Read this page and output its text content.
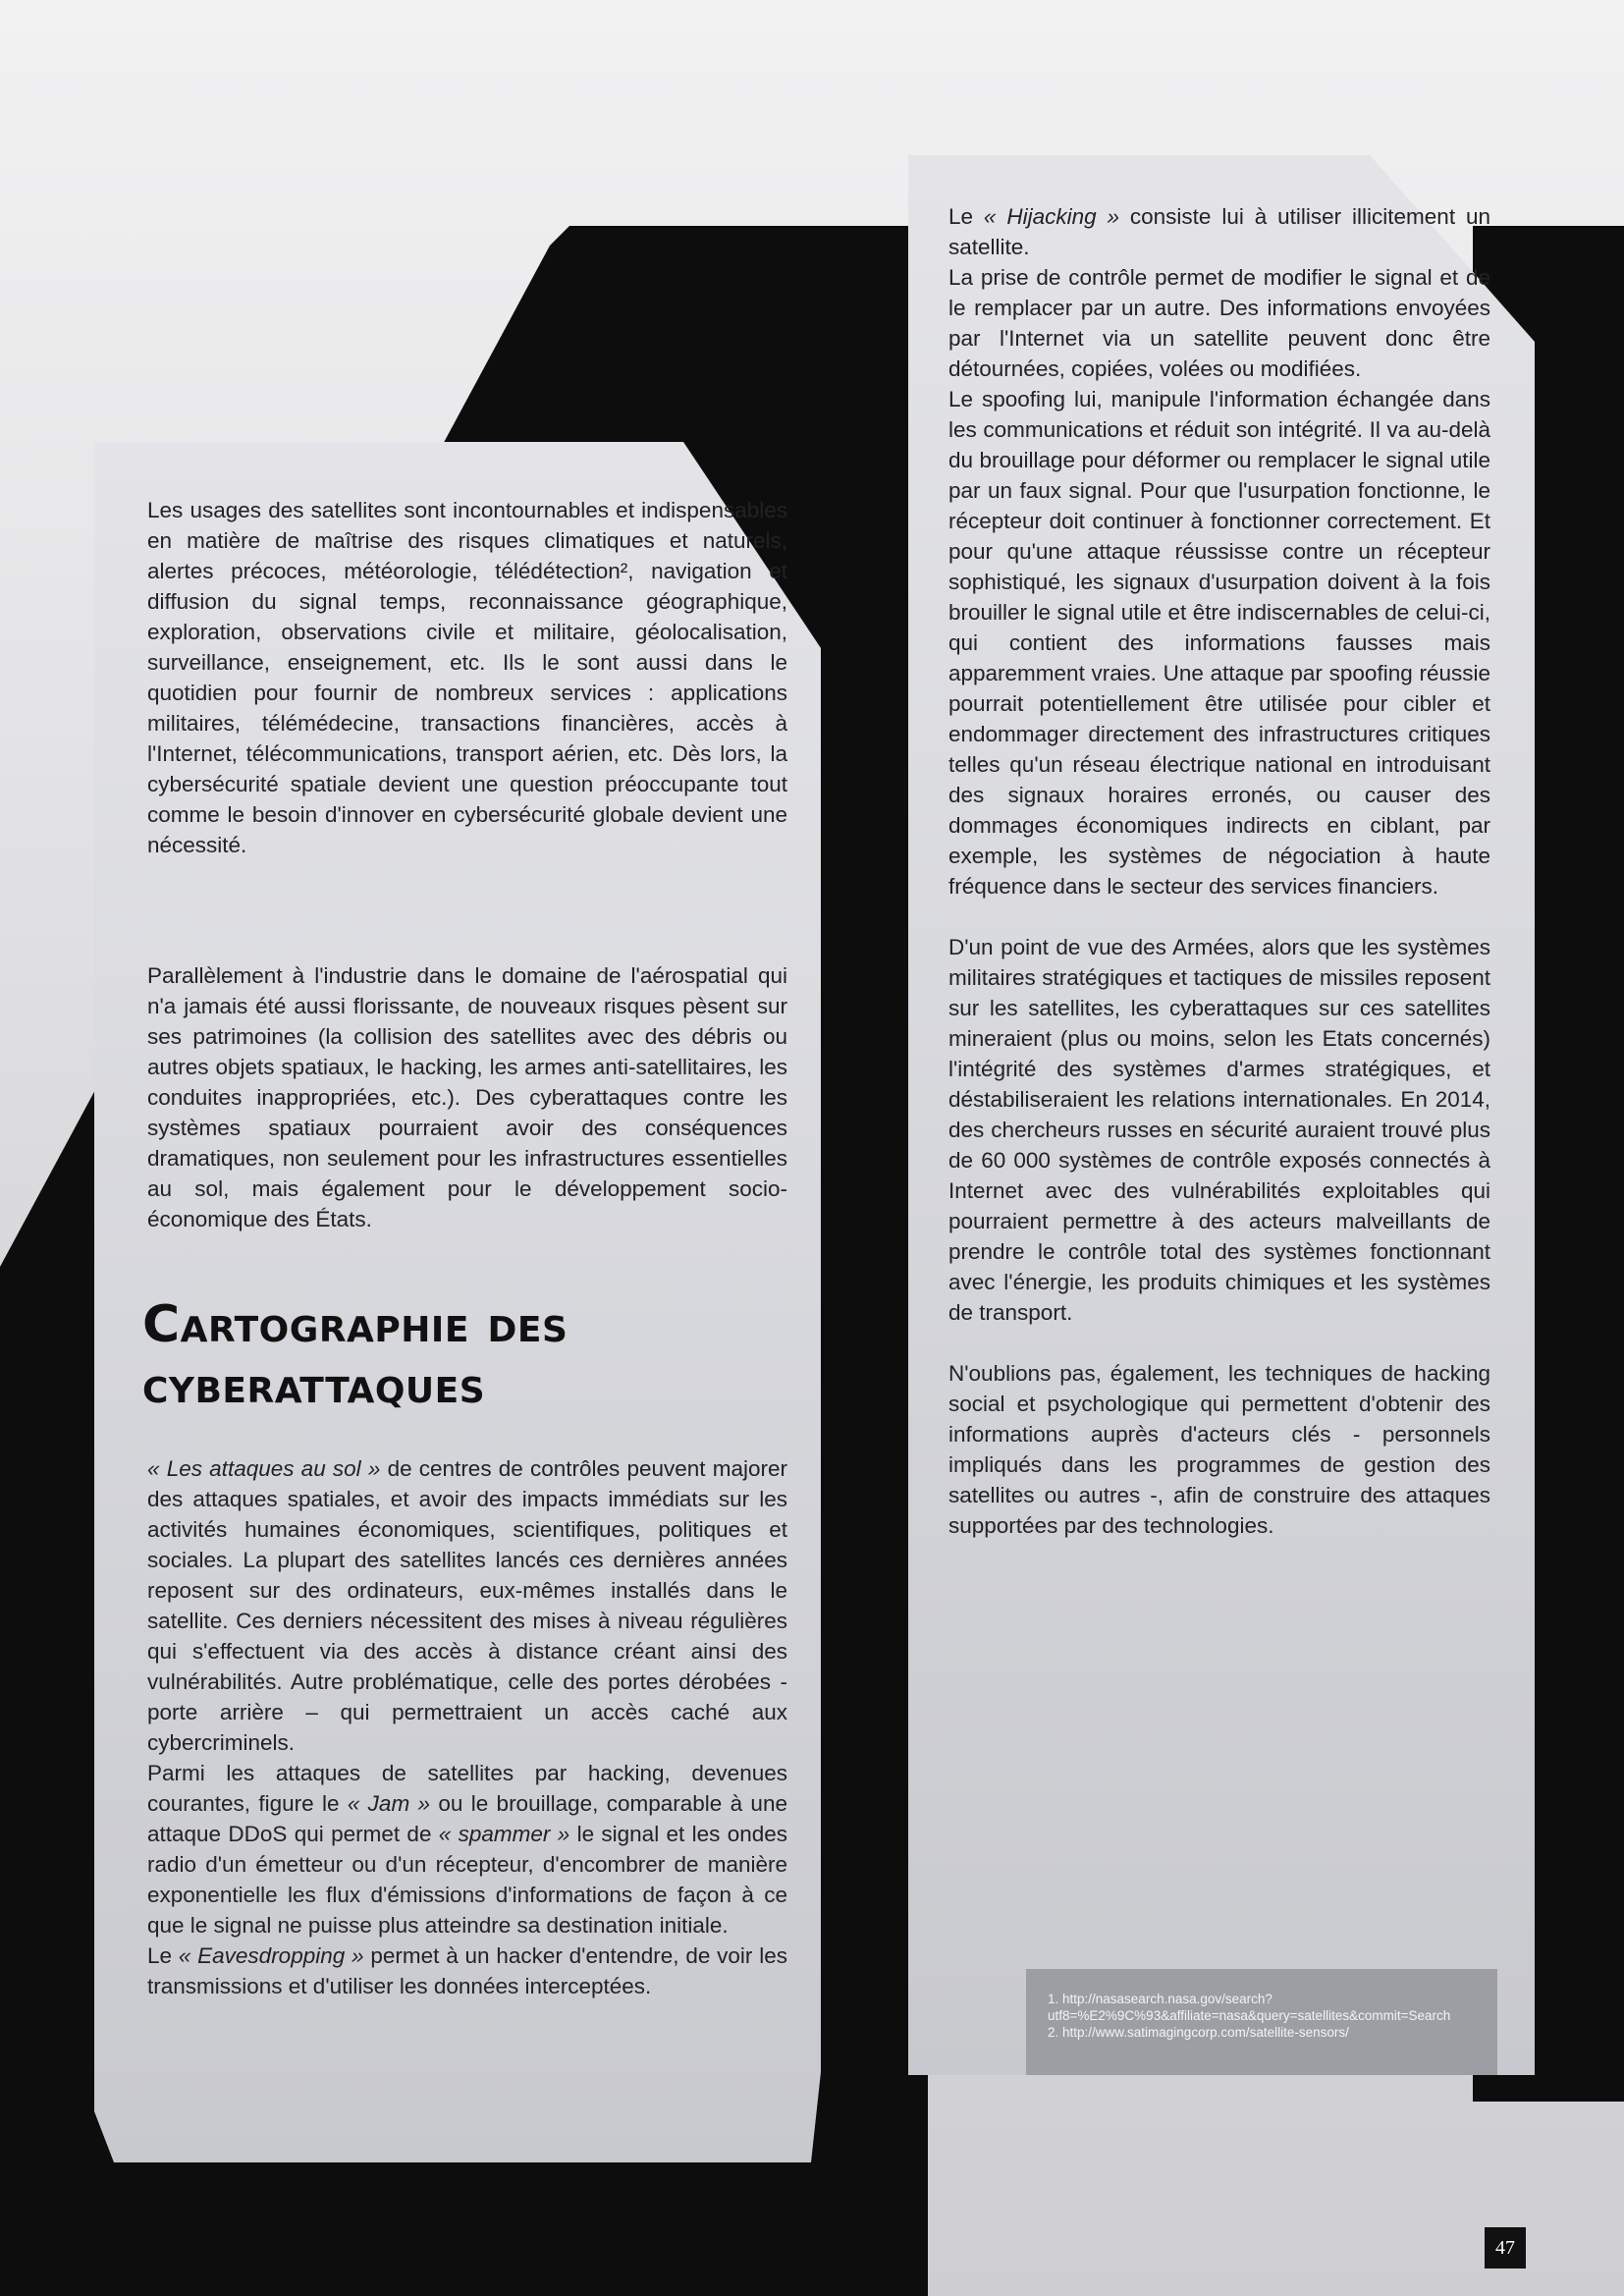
Les usages des satellites sont incontournables et indispensables en matière de maîtrise des risques climatiques et naturels, alertes précoces, météorologie, télédétection², navigation et diffusion du signal temps, reconnaissance géographique, exploration, observations civile et militaire, géolocalisation, surveillance, enseignement, etc. Ils le sont aussi dans le quotidien pour fournir de nombreux services : applications militaires, télémédecine, transactions financières, accès à l'Internet, télécommunications, transport aérien, etc. Dès lors, la cybersécurité spatiale devient une question préoccupante tout comme le besoin d'innover en cybersécurité globale devient une nécessité.

Parallèlement à l'industrie dans le domaine de l'aérospatial qui n'a jamais été aussi florissante, de nouveaux risques pèsent sur ses patrimoines (la collision des satellites avec des débris ou autres objets spatiaux, le hacking, les armes anti-satellitaires, les conduites inappropriées, etc.). Des cyberattaques contre les systèmes spatiaux pourraient avoir des conséquences dramatiques, non seulement pour les infrastructures essentielles au sol, mais également pour le développement socio-économique des États.

Cartographie des cyberattaques
« Les attaques au sol » de centres de contrôles peuvent majorer des attaques spatiales, et avoir des impacts immédiats sur les activités humaines économiques, scientifiques, politiques et sociales. La plupart des satellites lancés ces dernières années reposent sur des ordinateurs, eux-mêmes installés dans le satellite. Ces derniers nécessitent des mises à niveau régulières qui s'effectuent via des accès à distance créant ainsi des vulnérabilités. Autre problématique, celle des portes dérobées - porte arrière – qui permettraient un accès caché aux cybercriminels.
Parmi les attaques de satellites par hacking, devenues courantes, figure le « Jam » ou le brouillage, comparable à une attaque DDoS qui permet de « spammer » le signal et les ondes radio d'un émetteur ou d'un récepteur, d'encombrer de manière exponentielle les flux d'émissions d'informations de façon à ce que le signal ne puisse plus atteindre sa destination initiale.
Le « Eavesdropping » permet à un hacker d'entendre, de voir les transmissions et d'utiliser les données interceptées.
Le « Hijacking » consiste lui à utiliser illicitement un satellite.
La prise de contrôle permet de modifier le signal et de le remplacer par un autre. Des informations envoyées par l'Internet via un satellite peuvent donc être détournées, copiées, volées ou modifiées.

Le spoofing lui, manipule l'information échangée dans les communications et réduit son intégrité. Il va au-delà du brouillage pour déformer ou remplacer le signal utile par un faux signal. Pour que l'usurpation fonctionne, le récepteur doit continuer à fonctionner correctement. Et pour qu'une attaque réussisse contre un récepteur sophistiqué, les signaux d'usurpation doivent à la fois brouiller le signal utile et être indiscernables de celui-ci, qui contient des informations fausses mais apparemment vraies. Une attaque par spoofing réussie pourrait potentiellement être utilisée pour cibler et endommager directement des infrastructures critiques telles qu'un réseau électrique national en introduisant des signaux horaires erronés, ou causer des dommages économiques indirects en ciblant, par exemple, les systèmes de négociation à haute fréquence dans le secteur des services financiers.

D'un point de vue des Armées, alors que les systèmes militaires stratégiques et tactiques de missiles reposent sur les satellites, les cyberattaques sur ces satellites mineraient (plus ou moins, selon les Etats concernés) l'intégrité des systèmes d'armes stratégiques, et déstabiliseraient les relations internationales. En 2014, des chercheurs russes en sécurité auraient trouvé plus de 60 000 systèmes de contrôle exposés connectés à Internet avec des vulnérabilités exploitables qui pourraient permettre à des acteurs malveillants de prendre le contrôle total des systèmes fonctionnant avec l'énergie, les produits chimiques et les systèmes de transport.

N'oublions pas, également, les techniques de hacking social et psychologique qui permettent d'obtenir des informations auprès d'acteurs clés - personnels impliqués dans les programmes de gestion des satellites ou autres -, afin de construire des attaques supportées par des technologies.

1. http://nasasearch.nasa.gov/search?utf8=%E2%9C%93&affiliate=nasa&query=satellites&commit=Search
2. http://www.satimagingcorp.com/satellite-sensors/
47
